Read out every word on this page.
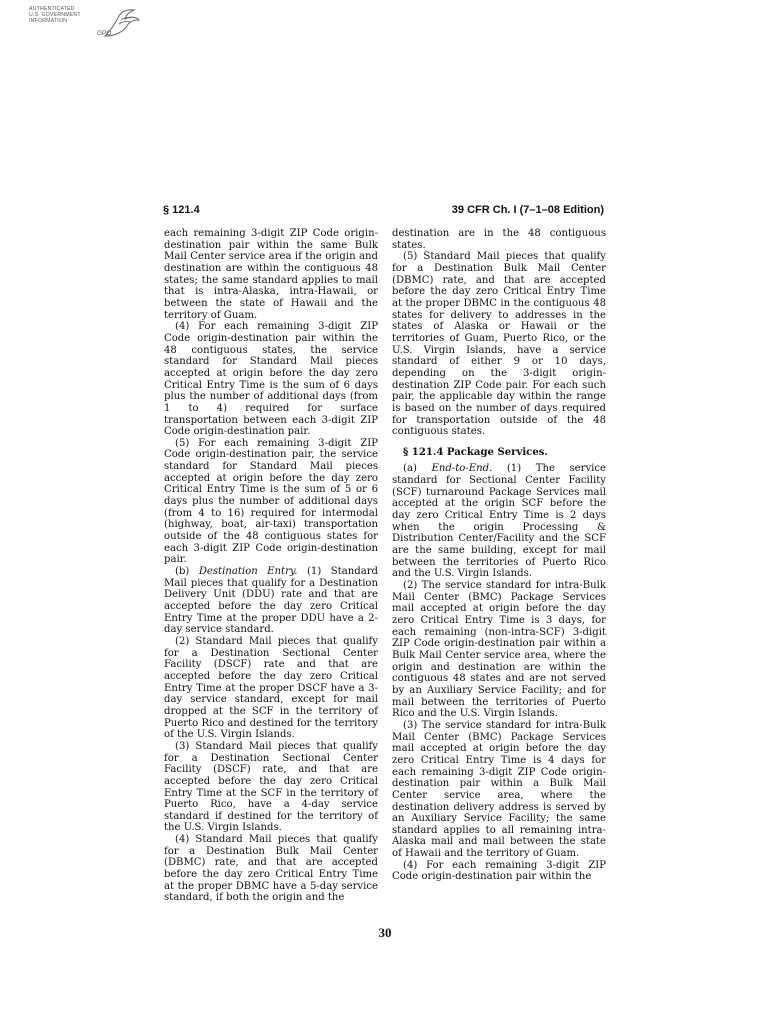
AUTHENTICATED
U.S. GOVERNMENT
INFORMATION
GPO
§ 121.4	39 CFR Ch. I (7–1–08 Edition)

each remaining 3-digit ZIP Code origin-destination pair within the same Bulk Mail Center service area if the origin and destination are within the contiguous 48 states; the same standard applies to mail that is intra-Alaska, intra-Hawaii, or between the state of Hawaii and the territory of Guam.

(4) For each remaining 3-digit ZIP Code origin-destination pair within the 48 contiguous states, the service standard for Standard Mail pieces accepted at origin before the day zero Critical Entry Time is the sum of 6 days plus the number of additional days (from 1 to 4) required for surface transportation between each 3-digit ZIP Code origin-destination pair.

(5) For each remaining 3-digit ZIP Code origin-destination pair, the service standard for Standard Mail pieces accepted at origin before the day zero Critical Entry Time is the sum of 5 or 6 days plus the number of additional days (from 4 to 16) required for intermodal (highway, boat, air-taxi) transportation outside of the 48 contiguous states for each 3-digit ZIP Code origin-destination pair.

(b) Destination Entry. (1) Standard Mail pieces that qualify for a Destination Delivery Unit (DDU) rate and that are accepted before the day zero Critical Entry Time at the proper DDU have a 2-day service standard.

(2) Standard Mail pieces that qualify for a Destination Sectional Center Facility (DSCF) rate and that are accepted before the day zero Critical Entry Time at the proper DSCF have a 3-day service standard, except for mail dropped at the SCF in the territory of Puerto Rico and destined for the territory of the U.S. Virgin Islands.

(3) Standard Mail pieces that qualify for a Destination Sectional Center Facility (DSCF) rate, and that are accepted before the day zero Critical Entry Time at the SCF in the territory of Puerto Rico, have a 4-day service standard if destined for the territory of the U.S. Virgin Islands.

(4) Standard Mail pieces that qualify for a Destination Bulk Mail Center (DBMC) rate, and that are accepted before the day zero Critical Entry Time at the proper DBMC have a 5-day service standard, if both the origin and the

destination are in the 48 contiguous states.

(5) Standard Mail pieces that qualify for a Destination Bulk Mail Center (DBMC) rate, and that are accepted before the day zero Critical Entry Time at the proper DBMC in the contiguous 48 states for delivery to addresses in the states of Alaska or Hawaii or the territories of Guam, Puerto Rico, or the U.S. Virgin Islands, have a service standard of either 9 or 10 days, depending on the 3-digit origin-destination ZIP Code pair. For each such pair, the applicable day within the range is based on the number of days required for transportation outside of the 48 contiguous states.

§ 121.4 Package Services.

(a) End-to-End. (1) The service standard for Sectional Center Facility (SCF) turnaround Package Services mail accepted at the origin SCF before the day zero Critical Entry Time is 2 days when the origin Processing & Distribution Center/Facility and the SCF are the same building, except for mail between the territories of Puerto Rico and the U.S. Virgin Islands.

(2) The service standard for intra-Bulk Mail Center (BMC) Package Services mail accepted at origin before the day zero Critical Entry Time is 3 days, for each remaining (non-intra-SCF) 3-digit ZIP Code origin-destination pair within a Bulk Mail Center service area, where the origin and destination are within the contiguous 48 states and are not served by an Auxiliary Service Facility; and for mail between the territories of Puerto Rico and the U.S. Virgin Islands.

(3) The service standard for intra-Bulk Mail Center (BMC) Package Services mail accepted at origin before the day zero Critical Entry Time is 4 days for each remaining 3-digit ZIP Code origin-destination pair within a Bulk Mail Center service area, where the destination delivery address is served by an Auxiliary Service Facility; the same standard applies to all remaining intra-Alaska mail and mail between the state of Hawaii and the territory of Guam.

(4) For each remaining 3-digit ZIP Code origin-destination pair within the

30
